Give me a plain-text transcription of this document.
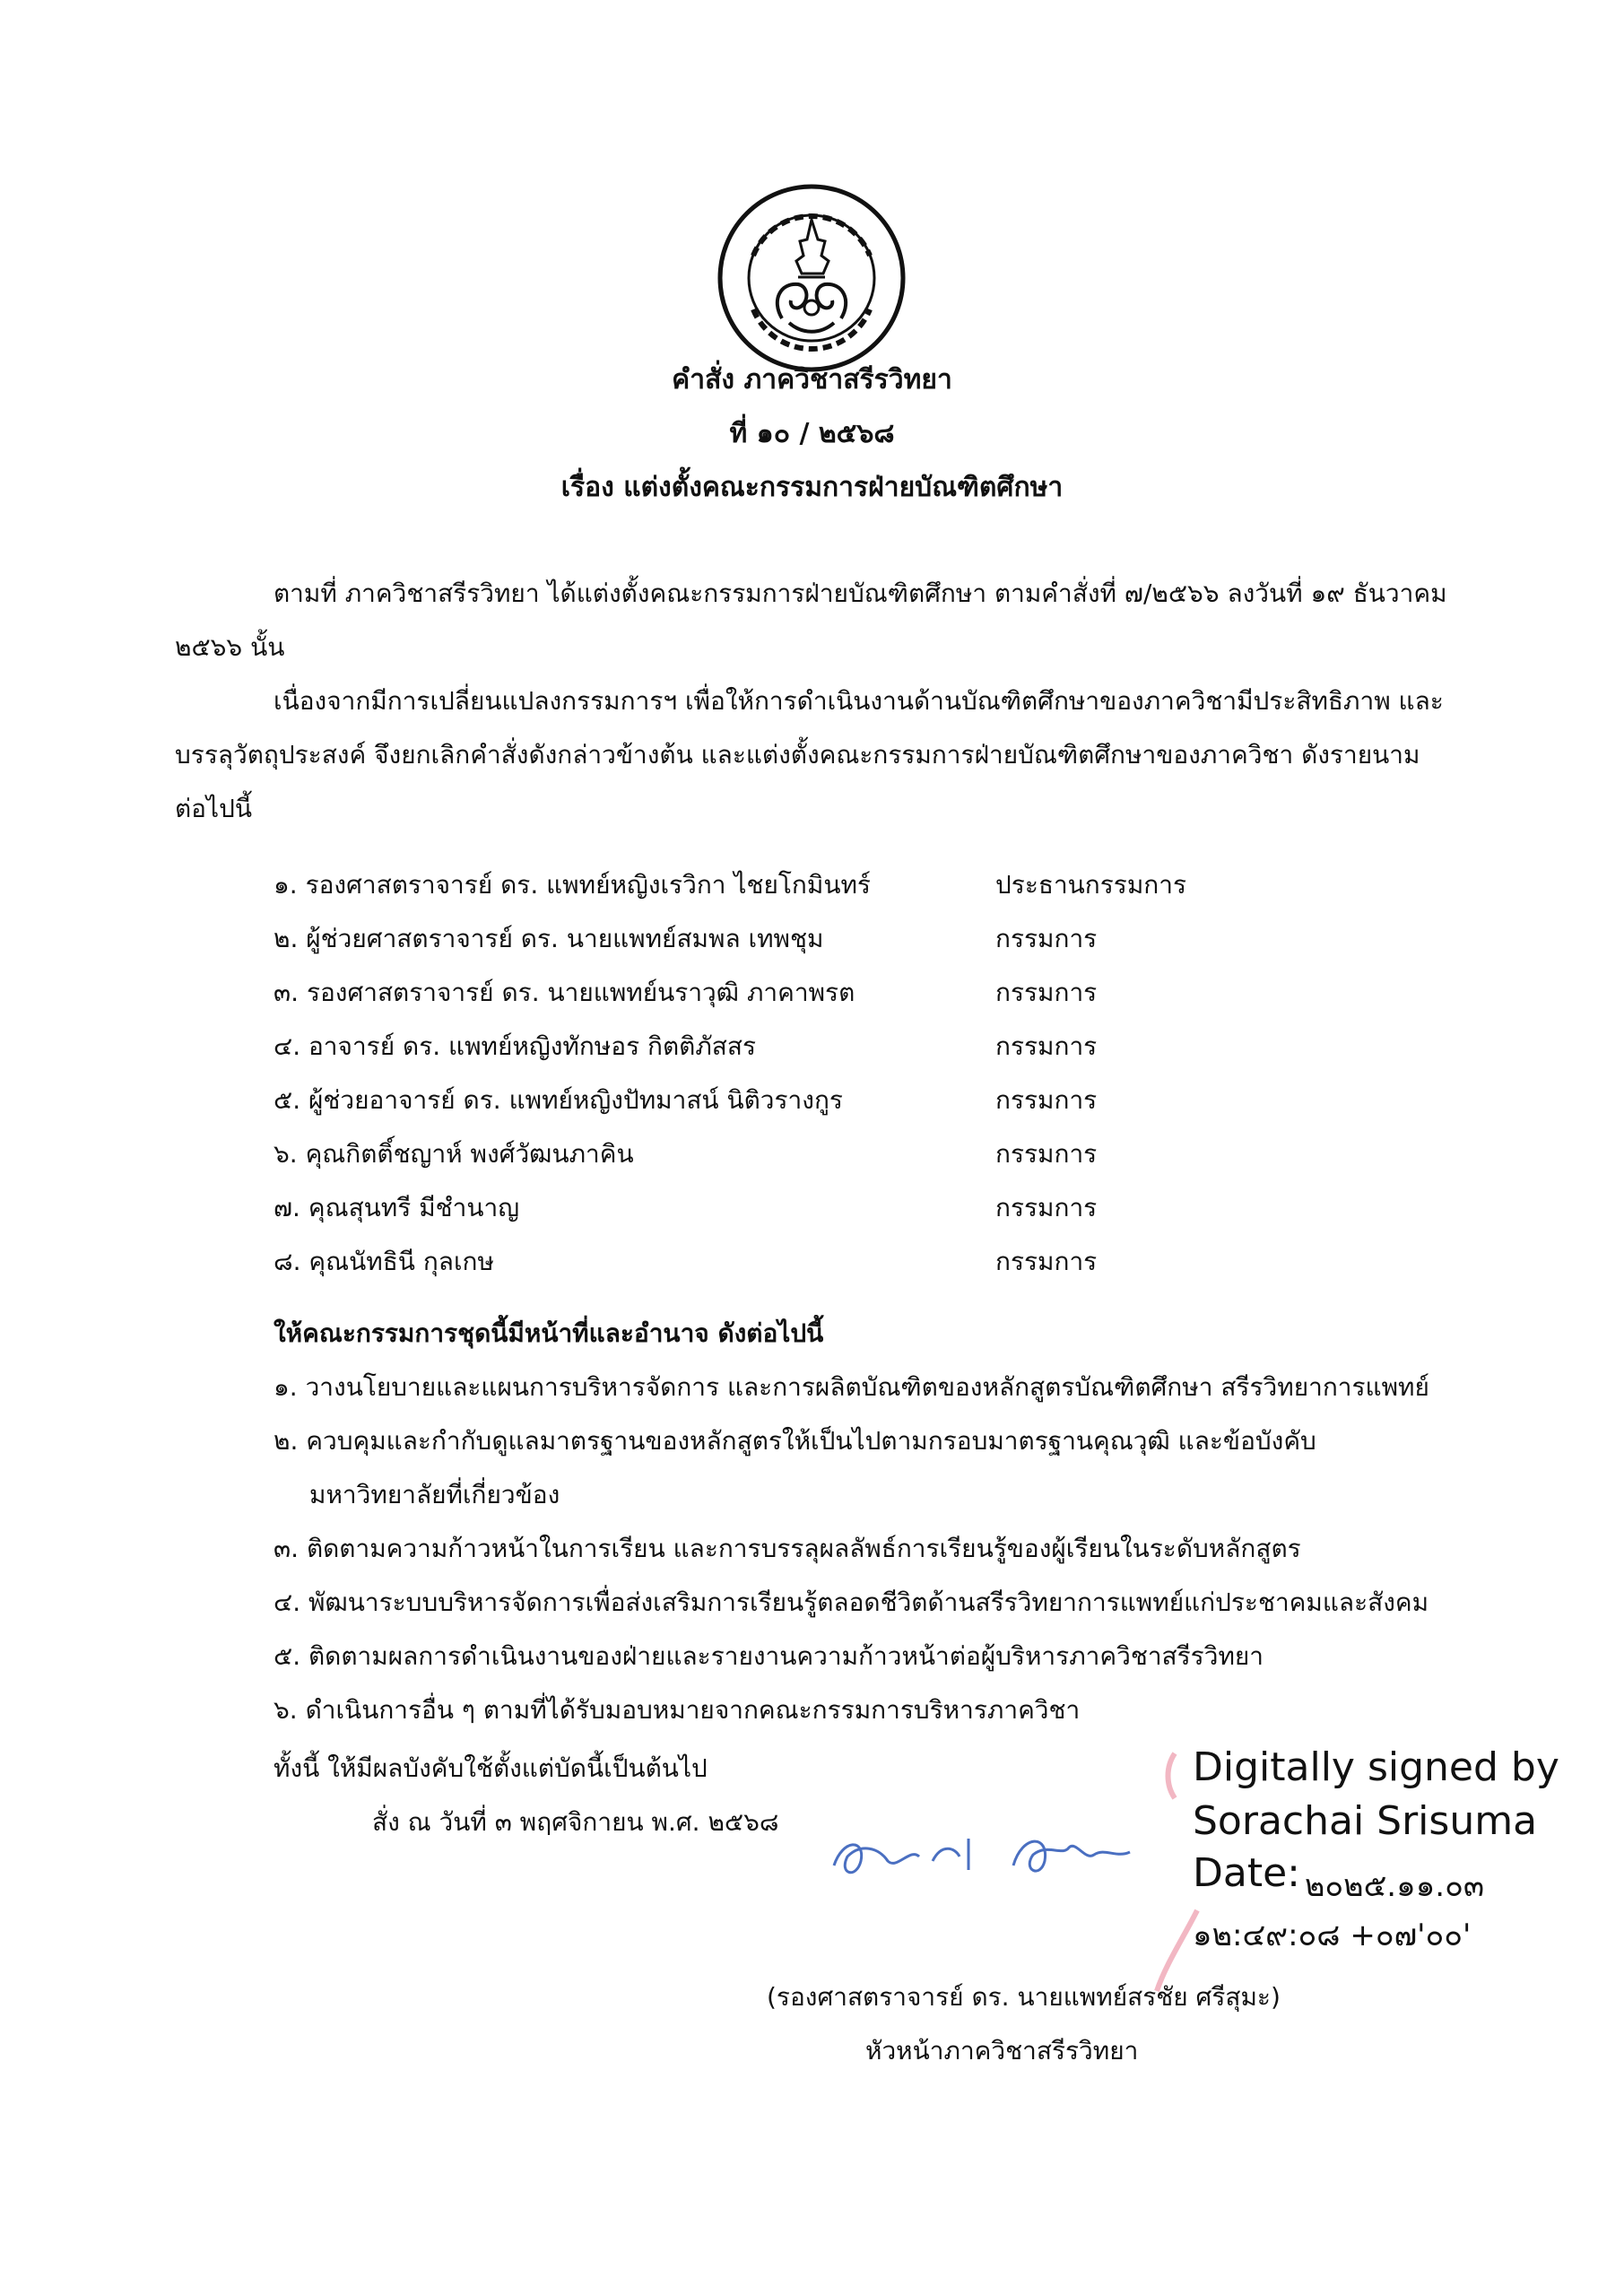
คำสั่ง ภาควิชาสรีรวิทยา
ที่ ๑๐ / ๒๕๖๘
เรื่อง แต่งตั้งคณะกรรมการฝ่ายบัณฑิตศึกษา
ตามที่ ภาควิชาสรีรวิทยา ได้แต่งตั้งคณะกรรมการฝ่ายบัณฑิตศึกษา ตามคำสั่งที่ ๗/๒๕๖๖ ลงวันที่ ๑๙ ธันวาคม
๒๕๖๖ นั้น
เนื่องจากมีการเปลี่ยนแปลงกรรมการฯ เพื่อให้การดำเนินงานด้านบัณฑิตศึกษาของภาควิชามีประสิทธิภาพ และ
บรรลุวัตถุประสงค์ จึงยกเลิกคำสั่งดังกล่าวข้างต้น และแต่งตั้งคณะกรรมการฝ่ายบัณฑิตศึกษาของภาควิชา ดังรายนาม
ต่อไปนี้
๑. รองศาสตราจารย์ ดร. แพทย์หญิงเรวิกา ไชยโกมินทร์	ประธานกรรมการ
๒. ผู้ช่วยศาสตราจารย์ ดร. นายแพทย์สมพล เทพชุม	กรรมการ
๓. รองศาสตราจารย์ ดร. นายแพทย์นราวุฒิ ภาคาพรต	กรรมการ
๔. อาจารย์ ดร. แพทย์หญิงทักษอร กิตติภัสสร	กรรมการ
๕. ผู้ช่วยอาจารย์ ดร. แพทย์หญิงปัทมาสน์ นิติวรางกูร	กรรมการ
๖. คุณกิตติ์ชญาห์ พงศ์วัฒนภาคิน	กรรมการ
๗. คุณสุนทรี มีชำนาญ	กรรมการ
๘. คุณนัทธินี กุลเกษ	กรรมการ
ให้คณะกรรมการชุดนี้มีหน้าที่และอำนาจ ดังต่อไปนี้
๑. วางนโยบายและแผนการบริหารจัดการ และการผลิตบัณฑิตของหลักสูตรบัณฑิตศึกษา สรีรวิทยาการแพทย์
๒. ควบคุมและกำกับดูแลมาตรฐานของหลักสูตรให้เป็นไปตามกรอบมาตรฐานคุณวุฒิ และข้อบังคับ
มหาวิทยาลัยที่เกี่ยวข้อง
๓. ติดตามความก้าวหน้าในการเรียน และการบรรลุผลลัพธ์การเรียนรู้ของผู้เรียนในระดับหลักสูตร
๔. พัฒนาระบบบริหารจัดการเพื่อส่งเสริมการเรียนรู้ตลอดชีวิตด้านสรีรวิทยาการแพทย์แก่ประชาคมและสังคม
๕. ติดตามผลการดำเนินงานของฝ่ายและรายงานความก้าวหน้าต่อผู้บริหารภาควิชาสรีรวิทยา
๖. ดำเนินการอื่น ๆ ตามที่ได้รับมอบหมายจากคณะกรรมการบริหารภาควิชา
ทั้งนี้ ให้มีผลบังคับใช้ตั้งแต่บัดนี้เป็นต้นไป
สั่ง ณ วันที่ ๓ พฤศจิกายน พ.ศ. ๒๕๖๘
Digitally signed by
Sorachai Srisuma
Date: ๒๐๒๕.๑๑.๐๓
๑๒:๔๙:๐๘ +๐๗'๐๐'
(รองศาสตราจารย์ ดร. นายแพทย์สรชัย ศรีสุมะ)
หัวหน้าภาควิชาสรีรวิทยา
